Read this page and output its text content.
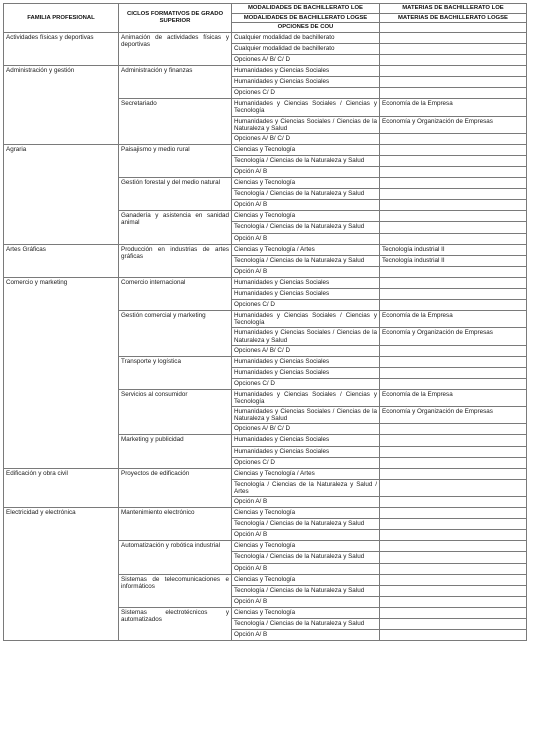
FAMILIA PROFESIONAL	CICLOS FORMATIVOS DE GRADO SUPERIOR	MODALIDADES DE BACHILLERATO LOE	MATERIAS DE BACHILLERATO LOE
		MODALIDADES DE BACHILLERATO LOGSE	MATERIAS DE BACHILLERATO LOGSE
		OPCIONES DE COU	
Actividades físicas y deportivas	Animación de actividades físicas y deportivas	Cualquier modalidad de bachillerato	
		Cualquier modalidad de bachillerato	
		Opciones A/ B/ C/ D	
Administración y gestión	Administración y finanzas	Humanidades y Ciencias Sociales	
		Humanidades y Ciencias Sociales	
		Opciones C/ D	
	Secretariado	Humanidades y Ciencias Sociales / Ciencias y Tecnología	Economía de la Empresa
		Humanidades y Ciencias Sociales / Ciencias de la Naturaleza y Salud	Economía y Organización de Empresas
		Opciones A/ B/ C/ D	
Agraria	Paisajismo y medio rural	Ciencias y Tecnología	
		Tecnología / Ciencias de la Naturaleza y Salud	
		Opción A/ B	
	Gestión forestal y del medio natural	Ciencias y Tecnología	
		Tecnología / Ciencias de la Naturaleza y Salud	
		Opción A/ B	
	Ganadería y asistencia en sanidad animal	Ciencias y Tecnología	
		Tecnología / Ciencias de la Naturaleza y Salud	
		Opción A/ B	
Artes Gráficas	Producción en industrias de artes gráficas	Ciencias y Tecnología / Artes	Tecnología industrial II
		Tecnología / Ciencias de la Naturaleza y Salud	Tecnología industrial II
		Opción A/ B	
Comercio y marketing	Comercio internacional	Humanidades y Ciencias Sociales	
		Humanidades y Ciencias Sociales	
		Opciones C/ D	
	Gestión comercial y marketing	Humanidades y Ciencias Sociales / Ciencias y Tecnología	Economía de la Empresa
		Humanidades y Ciencias Sociales / Ciencias de la Naturaleza y Salud	Economía y Organización de Empresas
		Opciones A/ B/ C/ D	
	Transporte y logística	Humanidades y Ciencias Sociales	
		Humanidades y Ciencias Sociales	
		Opciones C/ D	
	Servicios al consumidor	Humanidades y Ciencias Sociales / Ciencias y Tecnología	Economía de la Empresa
		Humanidades y Ciencias Sociales / Ciencias de la Naturaleza y Salud	Economía y Organización de Empresas
		Opciones A/ B/ C/ D	
	Marketing y publicidad	Humanidades y Ciencias Sociales	
		Humanidades y Ciencias Sociales	
		Opciones C/ D	
Edificación y obra civil	Proyectos de edificación	Ciencias y Tecnología / Artes	
		Tecnología / Ciencias de la Naturaleza y Salud / Artes	
		Opción A/ B	
Electricidad y electrónica	Mantenimiento electrónico	Ciencias y Tecnología	
		Tecnología / Ciencias de la Naturaleza y Salud	
		Opción A/ B	
	Automatización y robótica industrial	Ciencias y Tecnología	
		Tecnología / Ciencias de la Naturaleza y Salud	
		Opción A/ B	
	Sistemas de telecomunicaciones e informáticos	Ciencias y Tecnología	
		Tecnología / Ciencias de la Naturaleza y Salud	
		Opción A/ B	
	Sistemas electrotécnicos y automatizados	Ciencias y Tecnología	
		Tecnología / Ciencias de la Naturaleza y Salud	
		Opción A/ B	
